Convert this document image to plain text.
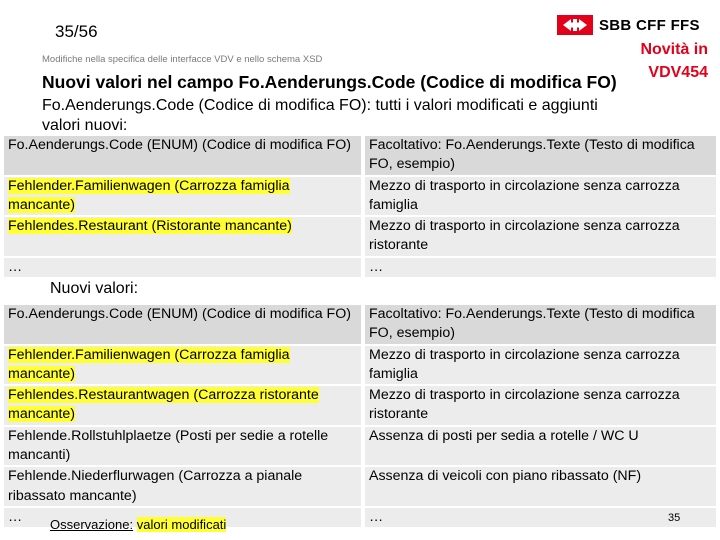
35/56	SBB CFF FFS
Modifiche nella specifica delle interfacce VDV e nello schema XSD
Novità in
VDV454
Nuovi valori nel campo Fo.Aenderungs.Code (Codice di modifica FO)
Fo.Aenderungs.Code (Codice di modifica FO): tutti i valori modificati e aggiunti valori nuovi:
Fo.Aenderungs.Code (ENUM) (Codice di modifica FO)		Facoltativo: Fo.Aenderungs.Texte (Testo di modifica FO, esempio)
Fehlender.Familienwagen (Carrozza famiglia mancante)		Mezzo di trasporto in circolazione senza carrozza famiglia
Fehlendes.Restaurant (Ristorante mancante)		Mezzo di trasporto in circolazione senza carrozza ristorante
…		…
Nuovi valori:
Fo.Aenderungs.Code (ENUM) (Codice di modifica FO)		Facoltativo: Fo.Aenderungs.Texte (Testo di modifica FO, esempio)
Fehlender.Familienwagen (Carrozza famiglia mancante)		Mezzo di trasporto in circolazione senza carrozza famiglia
Fehlendes.Restaurantwagen (Carrozza ristorante mancante)		Mezzo di trasporto in circolazione senza carrozza ristorante
Fehlende.Rollstuhlplaetze (Posti per sedie a rotelle mancanti)		Assenza di posti per sedia a rotelle / WC U
Fehlende.Niederflurwagen (Carrozza a pianale ribassato mancante)		Assenza di veicoli con piano ribassato (NF)
…		…
Osservazione: valori modificati	35
